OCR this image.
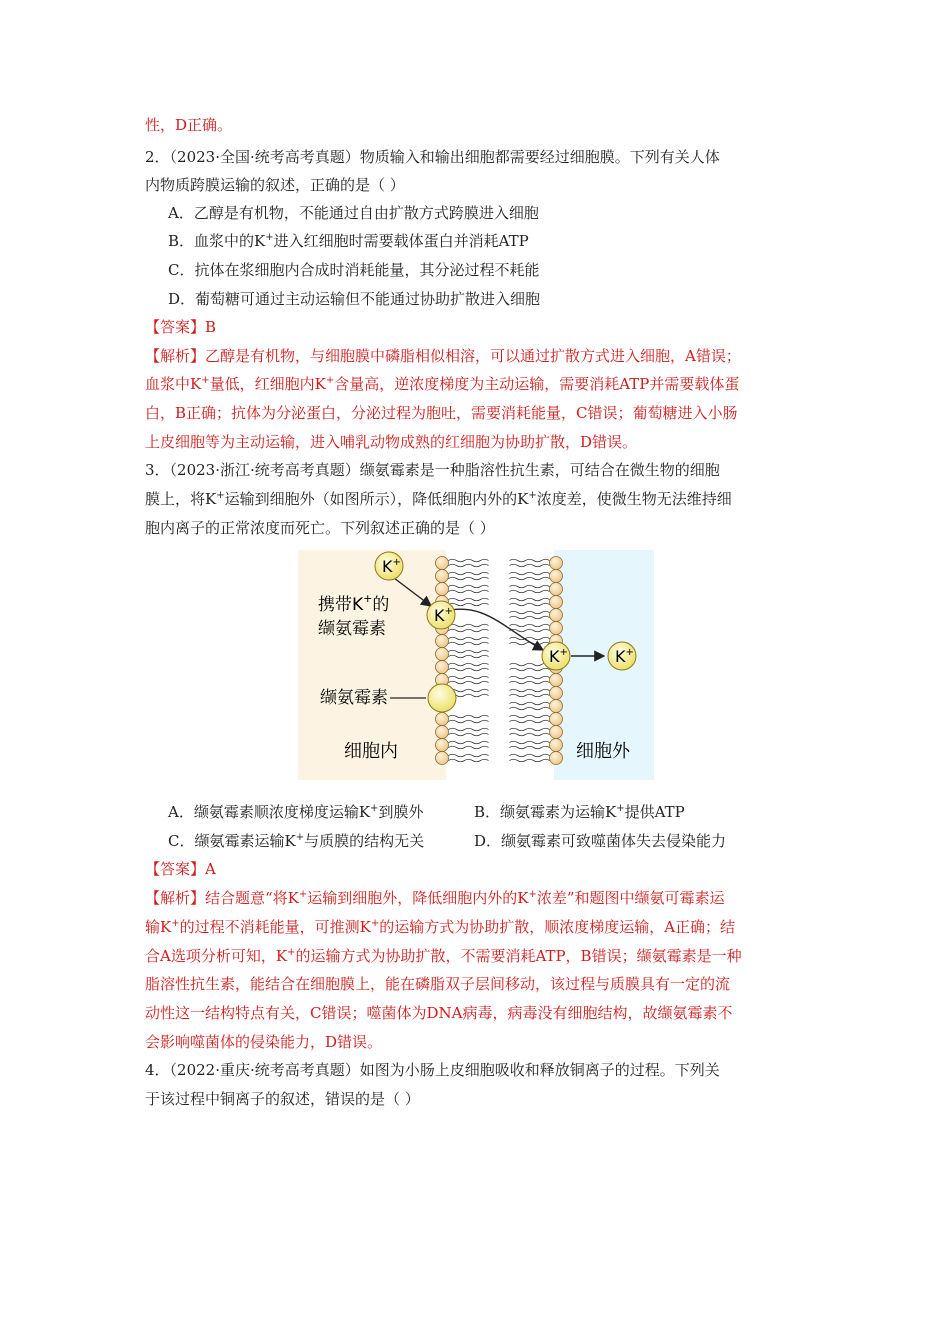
性，D正确。
2．（2023·全国·统考高考真题）物质输入和输出细胞都需要经过细胞膜。下列有关人体
内物质跨膜运输的叙述，正确的是（ ）
A．乙醇是有机物，不能通过自由扩散方式跨膜进入细胞
B．血浆中的K+进入红细胞时需要载体蛋白并消耗ATP
C．抗体在浆细胞内合成时消耗能量，其分泌过程不耗能
D．葡萄糖可通过主动运输但不能通过协助扩散进入细胞
【答案】B
【解析】乙醇是有机物，与细胞膜中磷脂相似相溶，可以通过扩散方式进入细胞，A错误；
血浆中K+量低，红细胞内K+含量高，逆浓度梯度为主动运输，需要消耗ATP并需要载体蛋
白，B正确；抗体为分泌蛋白，分泌过程为胞吐，需要消耗能量，C错误；葡萄糖进入小肠
上皮细胞等为主动运输，进入哺乳动物成熟的红细胞为协助扩散，D错误。
3．（2023·浙江·统考高考真题）缬氨霉素是一种脂溶性抗生素，可结合在微生物的细胞
膜上，将K+运输到细胞外（如图所示），降低细胞内外的K+浓度差，使微生物无法维持细
胞内离子的正常浓度而死亡。下列叙述正确的是（ ）
K+
K+
K+	K+
携带K+的
缬氨霉素
缬氨霉素
细胞内	细胞外
A．缬氨霉素顺浓度梯度运输K+到膜外	B．缬氨霉素为运输K+提供ATP
C．缬氨霉素运输K+与质膜的结构无关	D．缬氨霉素可致噬菌体失去侵染能力
【答案】A
【解析】结合题意“将K+运输到细胞外，降低细胞内外的K+浓差”和题图中缬氨可霉素运
输K+的过程不消耗能量，可推测K+的运输方式为协助扩散，顺浓度梯度运输，A正确；结
合A选项分析可知，K+的运输方式为协助扩散，不需要消耗ATP，B错误；缬氨霉素是一种
脂溶性抗生素，能结合在细胞膜上，能在磷脂双子层间移动，该过程与质膜具有一定的流
动性这一结构特点有关，C错误；噬菌体为DNA病毒，病毒没有细胞结构，故缬氨霉素不
会影响噬菌体的侵染能力，D错误。
4．（2022·重庆·统考高考真题）如图为小肠上皮细胞吸收和释放铜离子的过程。下列关
于该过程中铜离子的叙述，错误的是（ ）
